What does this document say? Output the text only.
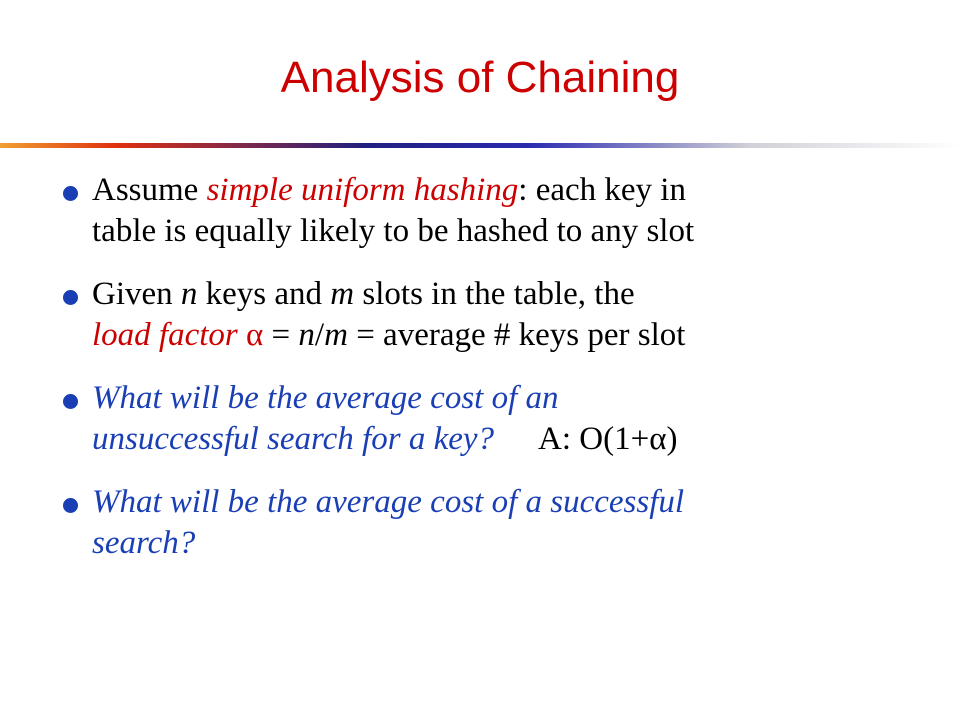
Analysis of Chaining
Assume simple uniform hashing: each key in
table is equally likely to be hashed to any slot
Given n keys and m slots in the table, the
load factor α = n/m = average # keys per slot
What will be the average cost of an
unsuccessful search for a key? A: O(1+α)
What will be the average cost of a successful
search?
